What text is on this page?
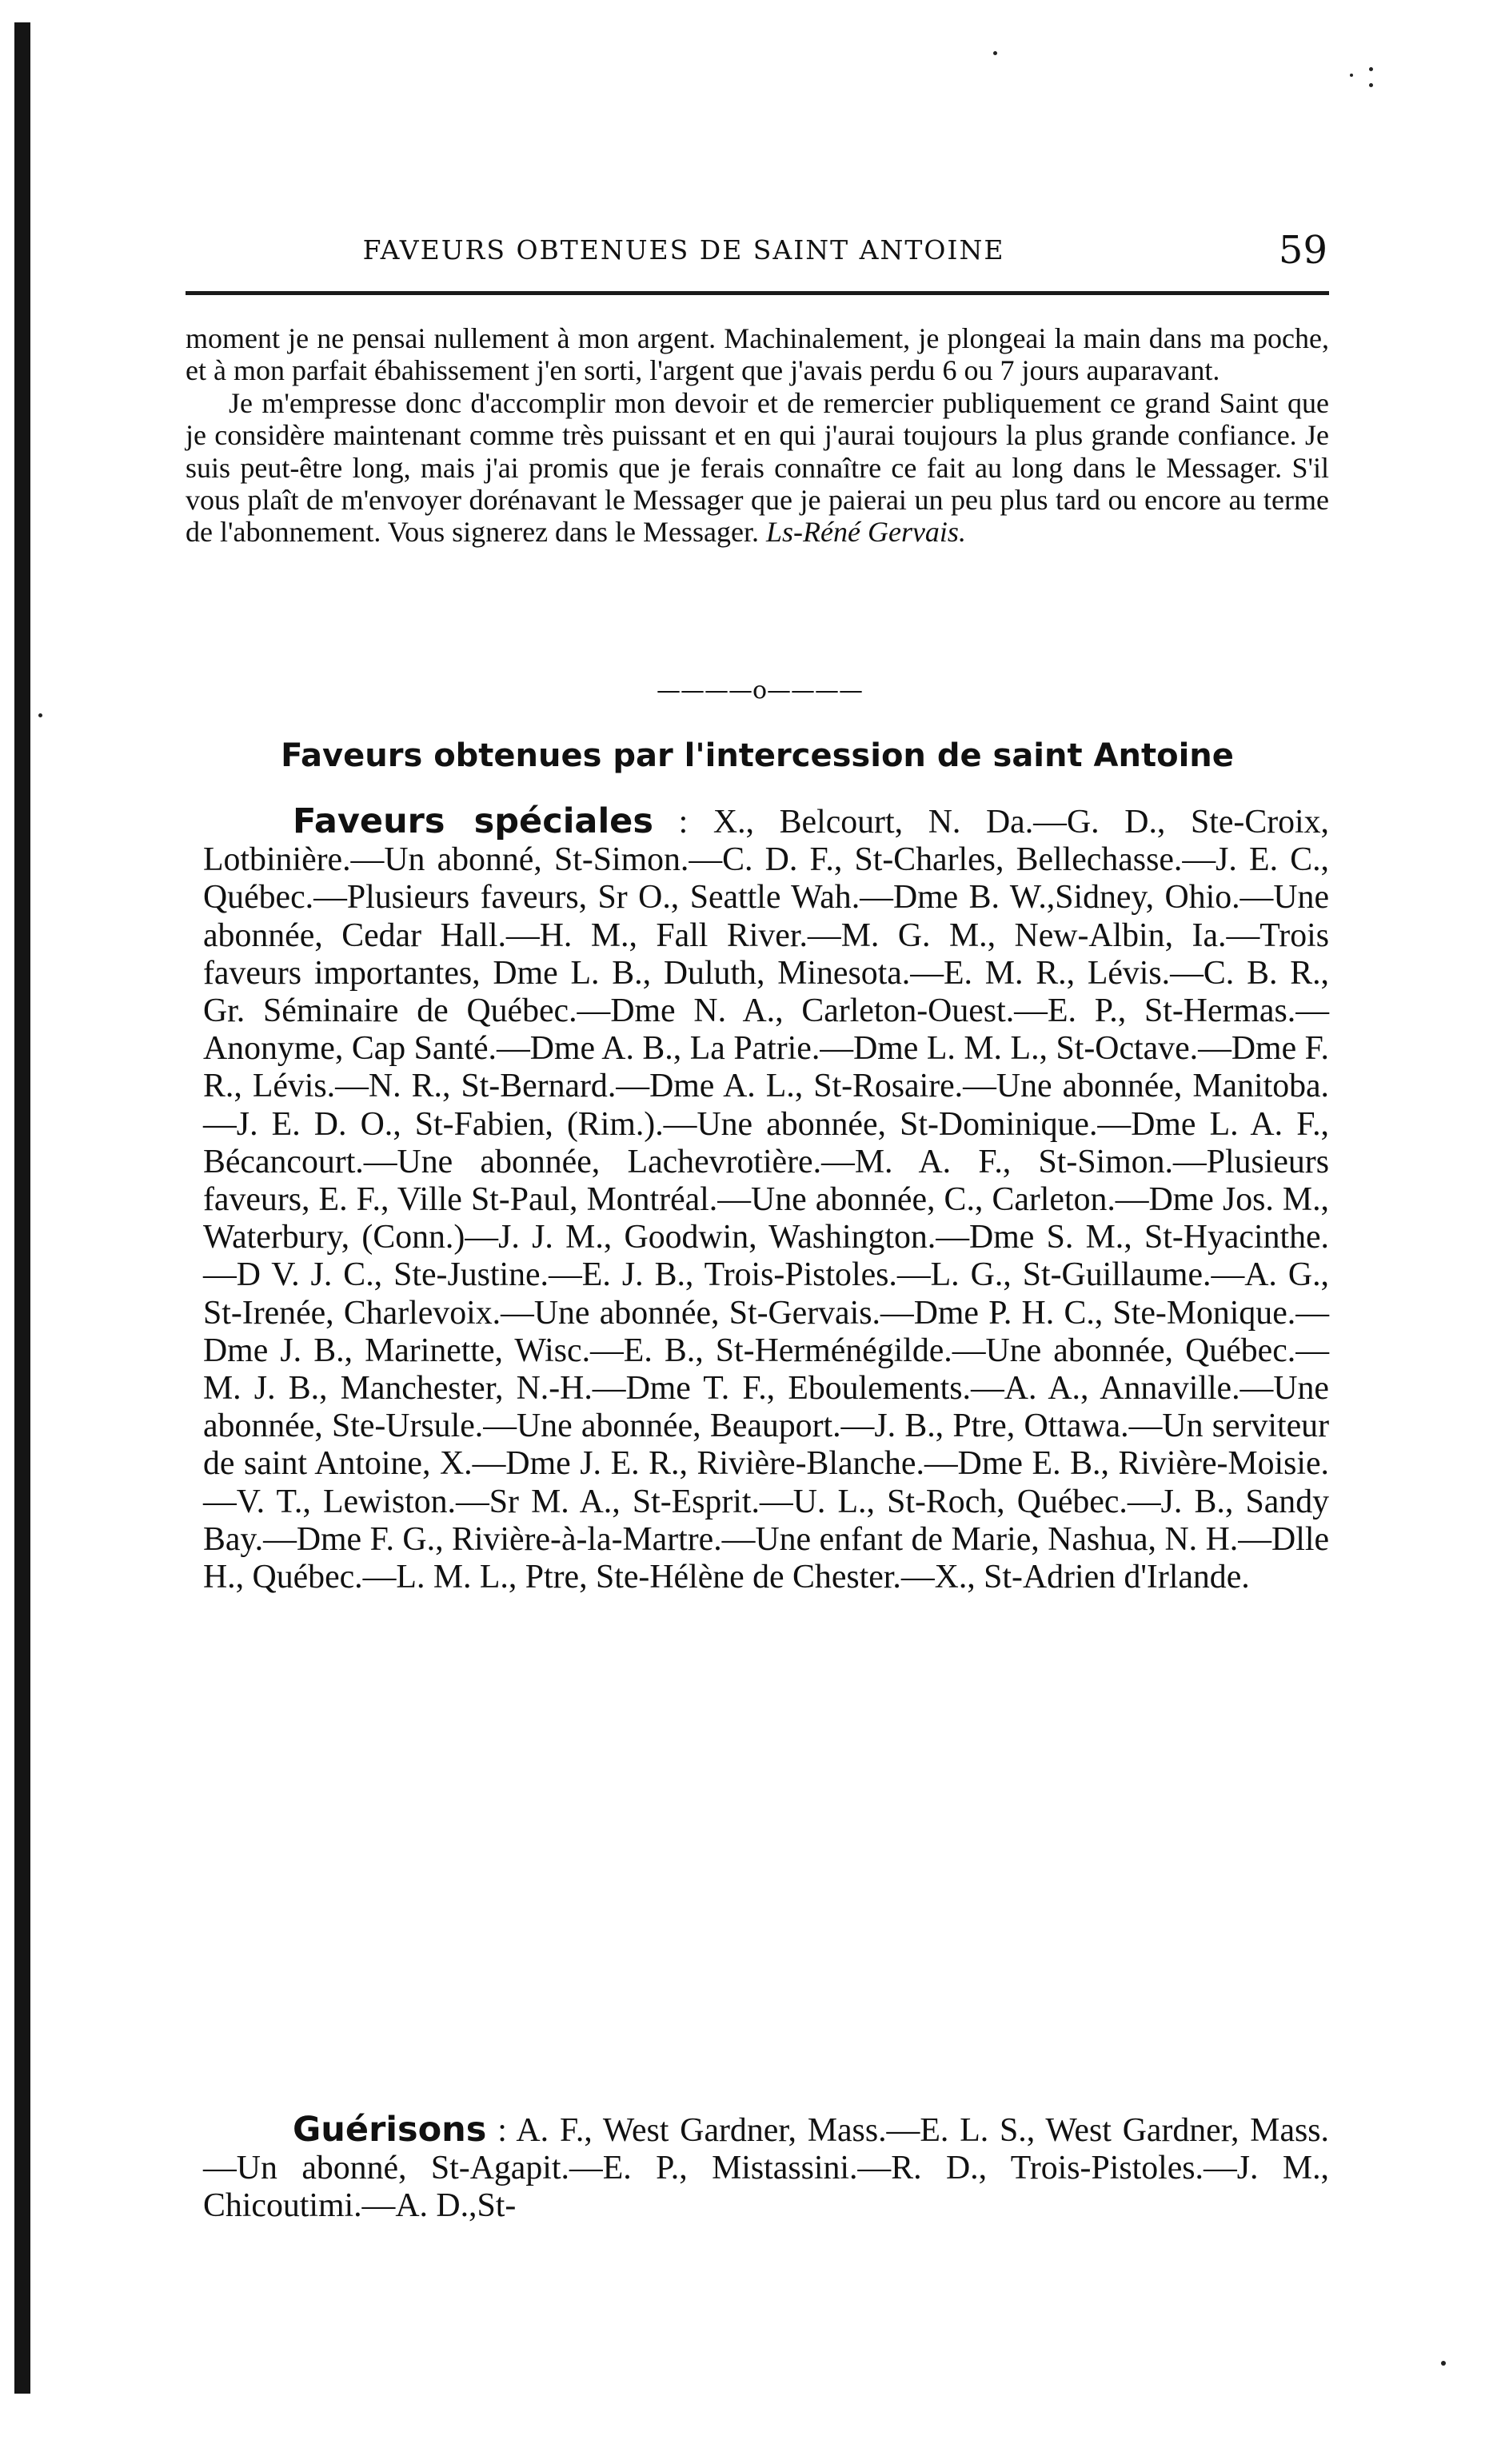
FAVEURS OBTENUES DE SAINT ANTOINE	59

moment je ne pensai nullement à mon argent. Machinalement, je plongeai la main dans ma poche, et à mon parfait ébahissement j'en sorti, l'argent que j'avais perdu 6 ou 7 jours auparavant.

Je m'empresse donc d'accomplir mon devoir et de remercier publiquement ce grand Saint que je considère maintenant comme très puissant et en qui j'aurai toujours la plus grande confiance. Je suis peut-être long, mais j'ai promis que je ferais connaître ce fait au long dans le Messager. S'il vous plaît de m'envoyer dorénavant le Messager que je paierai un peu plus tard ou encore au terme de l'abonnement. Vous signerez dans le Messager. Ls-Réné Gervais.

————o————
Faveurs obtenues par l'intercession de saint Antoine

Faveurs spéciales : X., Belcourt, N. Da.—G. D., Ste-Croix, Lotbinière.—Un abonné, St-Simon.—C. D. F., St-Charles, Bellechasse.—J. E. C., Québec.—Plusieurs faveurs, Sr O., Seattle Wah.—Dme B. W.,Sidney, Ohio.—Une abonnée, Cedar Hall.—H. M., Fall River.—M. G. M., New-Albin, Ia.—Trois faveurs importantes, Dme L. B., Duluth, Minesota.—E. M. R., Lévis.—C. B. R., Gr. Séminaire de Québec.—Dme N. A., Carleton-Ouest.—E. P., St-Hermas.—Anonyme, Cap Santé.—Dme A. B., La Patrie.—Dme L. M. L., St-Octave.—Dme F. R., Lévis.—N. R., St-Bernard.—Dme A. L., St-Rosaire.—Une abonnée, Manitoba.—J. E. D. O., St-Fabien, (Rim.).—Une abonnée, St-Dominique.—Dme L. A. F., Bécancourt.—Une abonnée, Lachevrotière.—M. A. F., St-Simon.—Plusieurs faveurs, E. F., Ville St-Paul, Montréal.—Une abonnée, C., Carleton.—Dme Jos. M., Waterbury, (Conn.)—J. J. M., Goodwin, Washington.—Dme S. M., St-Hyacinthe.—D V. J. C., Ste-Justine.—E. J. B., Trois-Pistoles.—L. G., St-Guillaume.—A. G., St-Irenée, Charlevoix.—Une abonnée, St-Gervais.—Dme P. H. C., Ste-Monique.—Dme J. B., Marinette, Wisc.—E. B., St-Herménégilde.—Une abonnée, Québec.—M. J. B., Manchester, N.-H.—Dme T. F., Eboulements.—A. A., Annaville.—Une abonnée, Ste-Ursule.—Une abonnée, Beauport.—J. B., Ptre, Ottawa.—Un serviteur de saint Antoine, X.—Dme J. E. R., Rivière-Blanche.—Dme E. B., Rivière-Moisie.—V. T., Lewiston.—Sr M. A., St-Esprit.—U. L., St-Roch, Québec.—J. B., Sandy Bay.—Dme F. G., Rivière-à-la-Martre.—Une enfant de Marie, Nashua, N. H.—Dlle H., Québec.—L. M. L., Ptre, Ste-Hélène de Chester.—X., St-Adrien d'Irlande.

Guérisons : A. F., West Gardner, Mass.—E. L. S., West Gardner, Mass.—Un abonné, St-Agapit.—E. P., Mistassini.—R. D., Trois-Pistoles.—J. M., Chicoutimi.—A. D.,St-
